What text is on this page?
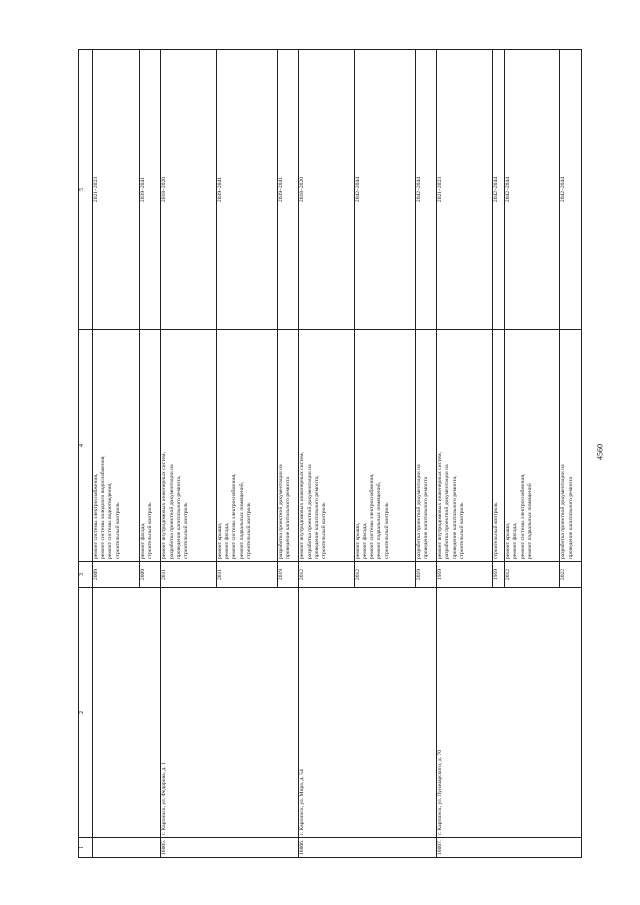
4560
1	2	3	4	5
		2009	ремонт системы электроснабжения, ремонт системы холодного водоснабжения, ремонт системы водоотведения, строительный контроль	2021–2023
		2009	ремонт фасада, строительный контроль	2039–2041
16005.	г. Карпинск, ул. Федорова, д. 1	2011	ремонт внутридомовых инженерных систем, разработка проектной документации на проведение капитального ремонта, строительный контроль	2018–2020
		2011	ремонт крыши, ремонт фасада, ремонт системы электроснабжения, ремонт подвальных помещений, строительный контроль	2039–2041
		2019	разработка проектной документации на проведение капитального ремонта	2039–2041
16006.	г. Карпинск, ул. Мира, д. 54	2012	ремонт внутридомовых инженерных систем, разработка проектной документации на проведение капитального ремонта, строительный контроль	2018–2020
		2012	ремонт крыши, ремонт фасада, ремонт системы электроснабжения, ремонт подвальных помещений, строительный контроль	2042–2044
		2019	разработка проектной документации на проведение капитального ремонта	2042–2044
16007.	г. Карпинск, ул. Луначарского, д. 70	1959	ремонт внутридомовых инженерных систем, разработка проектной документации на проведение капитального ремонта, строительный контроль	2021–2023
		1959	строительный контроль	2042–2044
		2012	ремонт крыши, ремонт фасада, ремонт системы электроснабжения, ремонт подвальных помещений	2042–2044
		2022	разработка проектной документации на проведение капитального ремонта	2042–2044
